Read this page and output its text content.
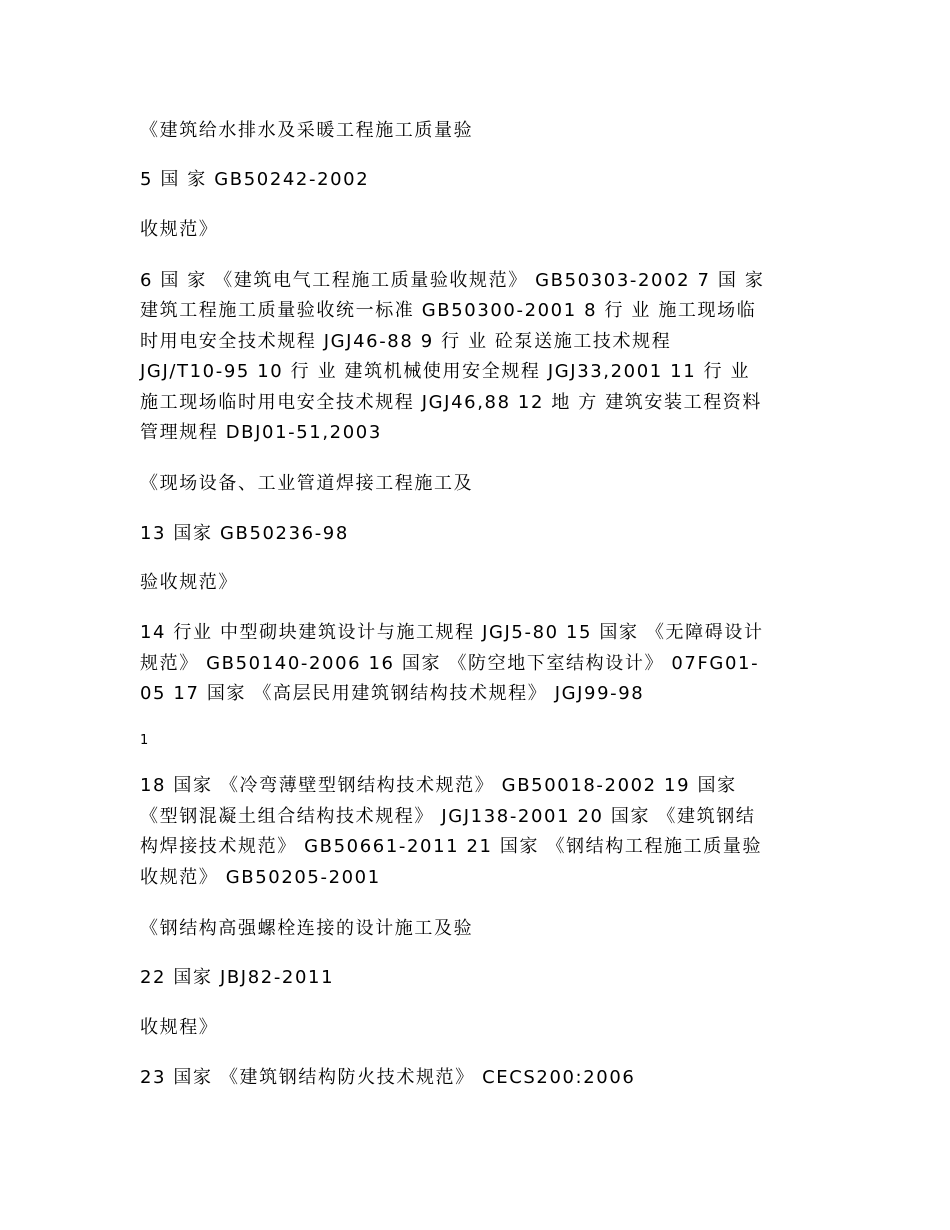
《建筑给水排水及采暖工程施工质量验
5 国 家 GB50242-2002
收规范》
6 国 家 《建筑电气工程施工质量验收规范》 GB50303-2002 7 国 家
建筑工程施工质量验收统一标准 GB50300-2001 8 行 业 施工现场临
时用电安全技术规程 JGJ46-88 9 行 业 砼泵送施工技术规程
JGJ/T10-95 10 行 业 建筑机械使用安全规程 JGJ33,2001 11 行 业
施工现场临时用电安全技术规程 JGJ46,88 12 地 方 建筑安装工程资料
管理规程 DBJ01-51,2003
《现场设备、工业管道焊接工程施工及
13 国家 GB50236-98
验收规范》
14 行业 中型砌块建筑设计与施工规程 JGJ5-80 15 国家 《无障碍设计
规范》 GB50140-2006 16 国家 《防空地下室结构设计》 07FG01-
05 17 国家 《高层民用建筑钢结构技术规程》 JGJ99-98
1
18 国家 《冷弯薄壁型钢结构技术规范》 GB50018-2002 19 国家
《型钢混凝土组合结构技术规程》 JGJ138-2001 20 国家 《建筑钢结
构焊接技术规范》 GB50661-2011 21 国家 《钢结构工程施工质量验
收规范》 GB50205-2001
《钢结构高强螺栓连接的设计施工及验
22 国家 JBJ82-2011
收规程》
23 国家 《建筑钢结构防火技术规范》 CECS200:2006
